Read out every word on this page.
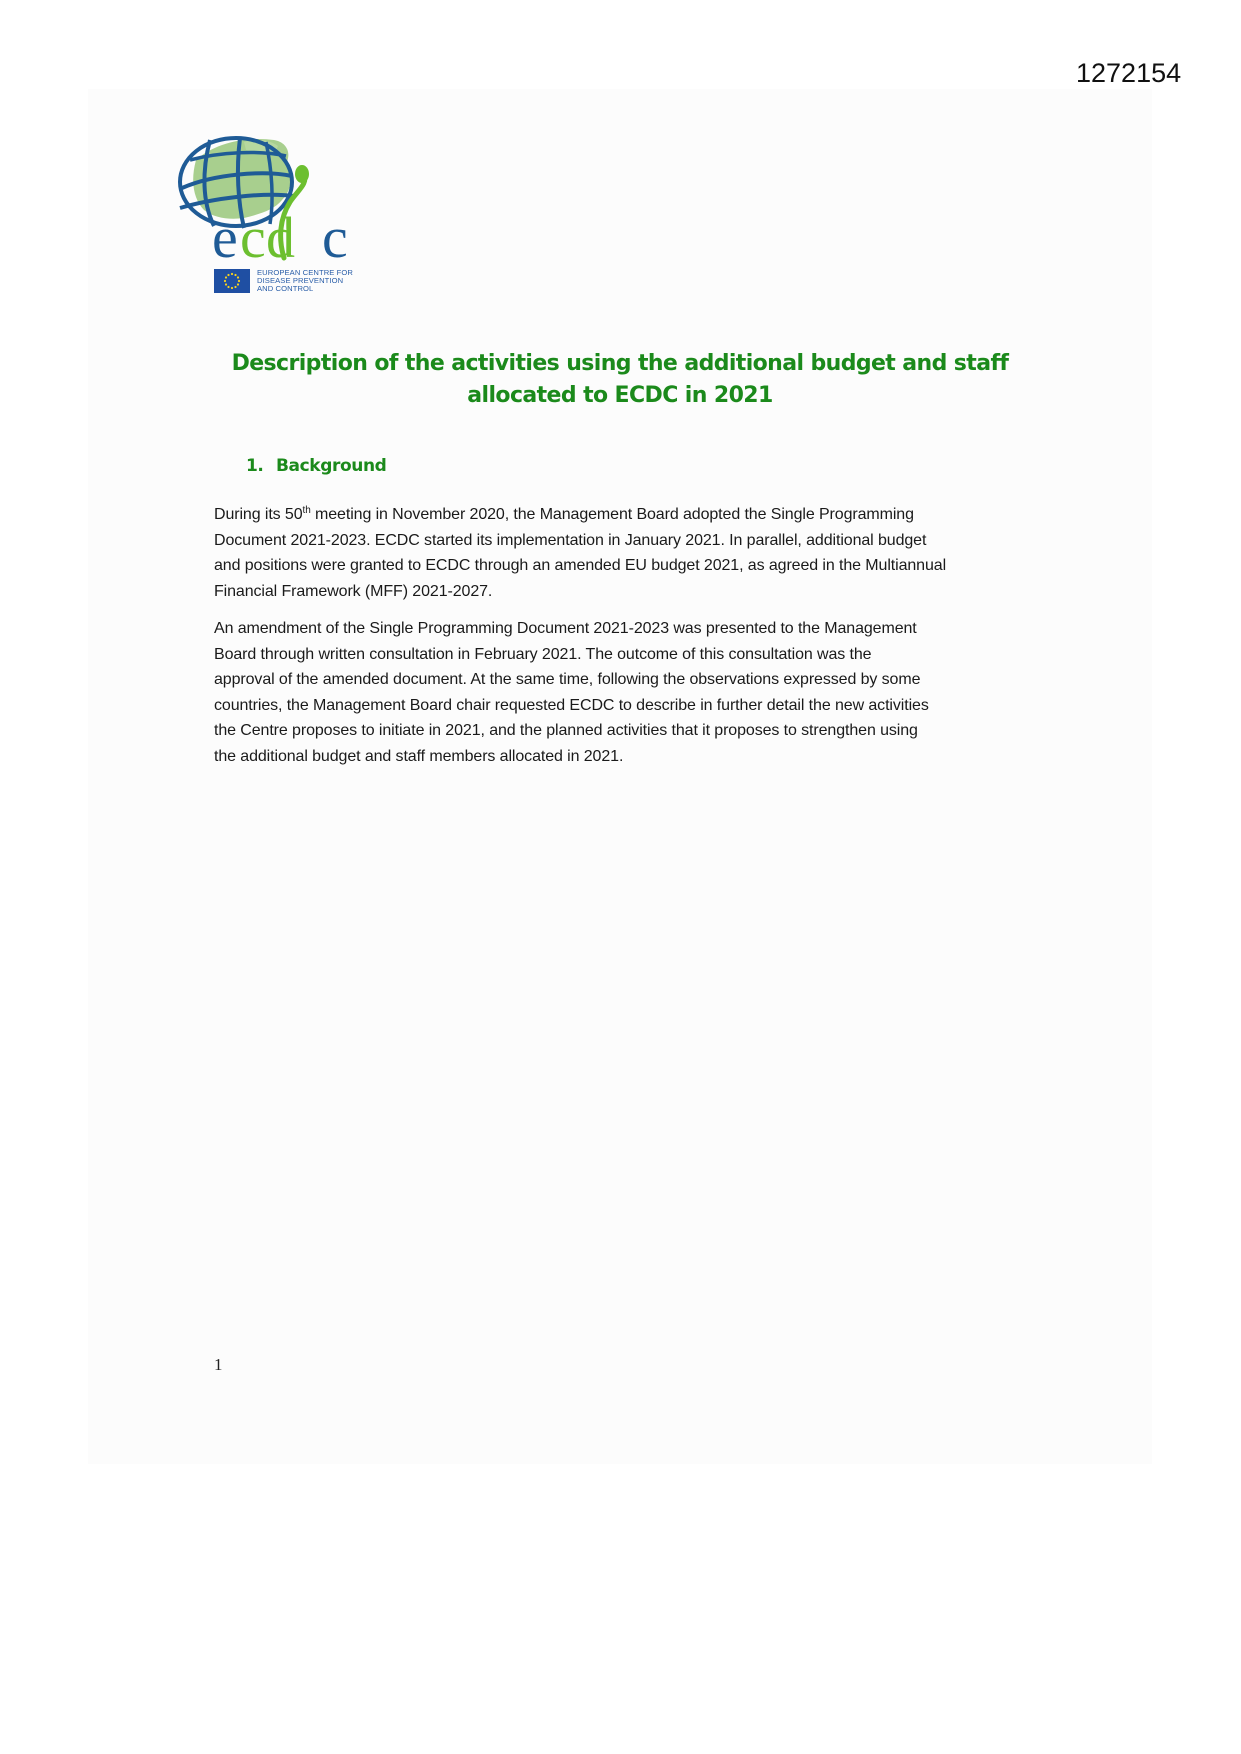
1272154
e c d c
EUROPEAN CENTRE FOR
DISEASE PREVENTION
AND CONTROL
Description of the activities using the additional budget and staff
allocated to ECDC in 2021
1. Background
During its 50th meeting in November 2020, the Management Board adopted the Single Programming
Document 2021-2023. ECDC started its implementation in January 2021. In parallel, additional budget
and positions were granted to ECDC through an amended EU budget 2021, as agreed in the Multiannual
Financial Framework (MFF) 2021-2027.
An amendment of the Single Programming Document 2021-2023 was presented to the Management
Board through written consultation in February 2021. The outcome of this consultation was the
approval of the amended document. At the same time, following the observations expressed by some
countries, the Management Board chair requested ECDC to describe in further detail the new activities
the Centre proposes to initiate in 2021, and the planned activities that it proposes to strengthen using
the additional budget and staff members allocated in 2021.
1
